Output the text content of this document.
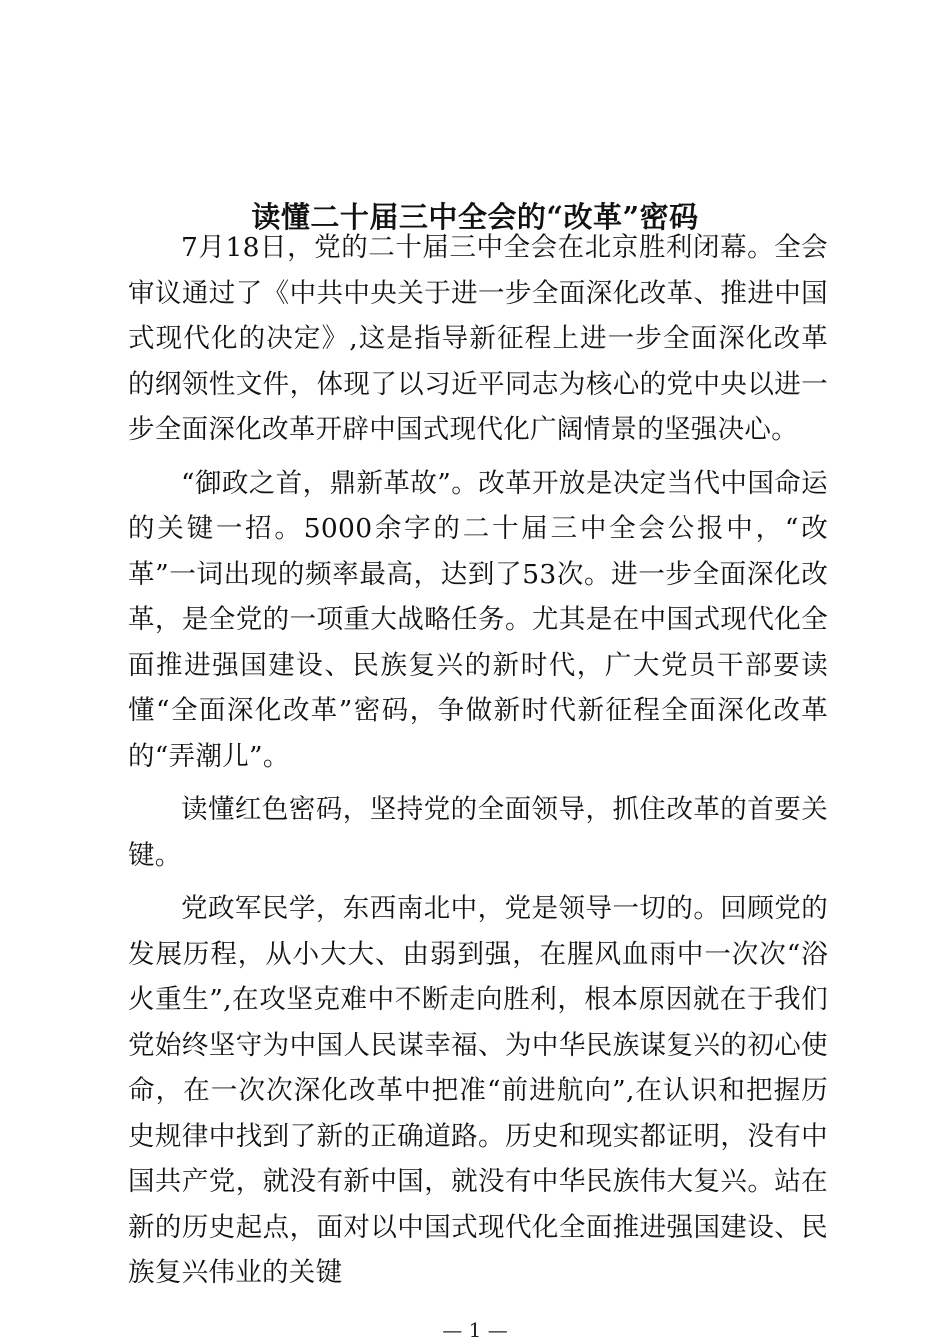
读懂二十届三中全会的“改革”密码

7月18日，党的二十届三中全会在北京胜利闭幕。全会审议通过了《中共中央关于进一步全面深化改革、推进中国式现代化的决定》,这是指导新征程上进一步全面深化改革的纲领性文件，体现了以习近平同志为核心的党中央以进一步全面深化改革开辟中国式现代化广阔情景的坚强决心。

“御政之首，鼎新革故”。改革开放是决定当代中国命运的关键一招。5000余字的二十届三中全会公报中，“改革”一词出现的频率最高，达到了53次。进一步全面深化改革，是全党的一项重大战略任务。尤其是在中国式现代化全面推进强国建设、民族复兴的新时代，广大党员干部要读懂“全面深化改革”密码，争做新时代新征程全面深化改革的“弄潮儿”。

读懂红色密码，坚持党的全面领导，抓住改革的首要关键。

党政军民学，东西南北中，党是领导一切的。回顾党的发展历程，从小大大、由弱到强，在腥风血雨中一次次“浴火重生”,在攻坚克难中不断走向胜利，根本原因就在于我们党始终坚守为中国人民谋幸福、为中华民族谋复兴的初心使命，在一次次深化改革中把准“前进航向”,在认识和把握历史规律中找到了新的正确道路。历史和现实都证明，没有中国共产党，就没有新中国，就没有中华民族伟大复兴。站在新的历史起点，面对以中国式现代化全面推进强国建设、民族复兴伟业的关键

— 1 —
